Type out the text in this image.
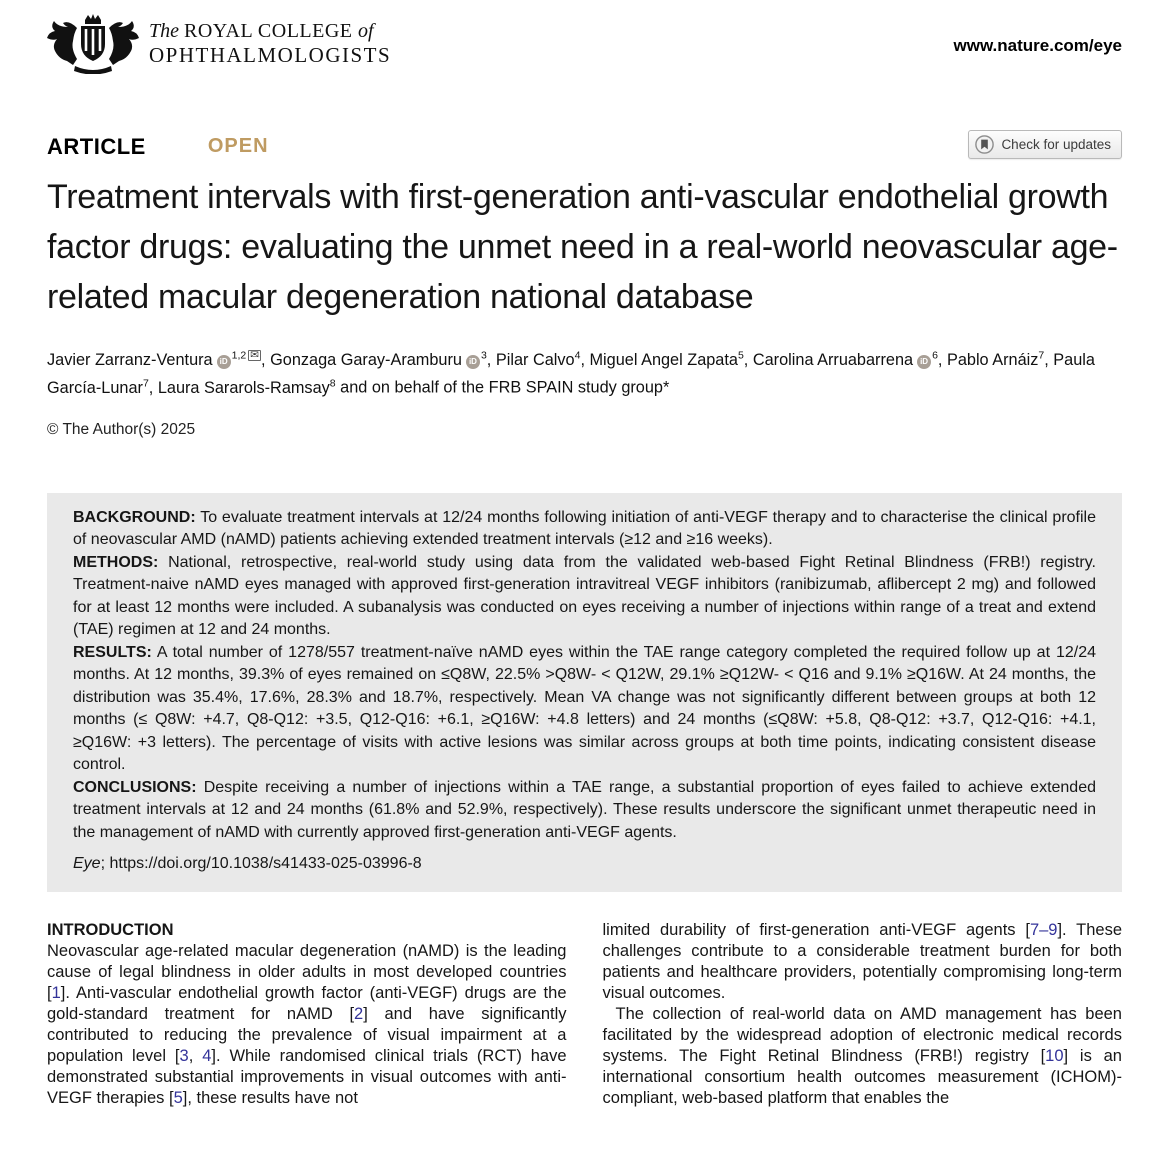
The ROYAL COLLEGE of
OPHTHALMOLOGISTS	www.nature.com/eye
ARTICLE	OPEN	Check for updates
Treatment intervals with first-generation anti-vascular endothelial growth factor drugs: evaluating the unmet need in a real-world neovascular age-related macular degeneration national database
Javier Zarranz-Ventura iD $^{1,2}$ ✉ , Gonzaga Garay-Aramburu iD $^3$, Pilar Calvo$^4$, Miguel Angel Zapata$^5$, Carolina Arruabarrena iD $^6$, Pablo Arnáiz$^7$, Paula García-Lunar$^7$, Laura Sararols-Ramsay$^8$ and on behalf of the FRB SPAIN study group*
© The Author(s) 2025

BACKGROUND: To evaluate treatment intervals at 12/24 months following initiation of anti-VEGF therapy and to characterise the clinical profile of neovascular AMD (nAMD) patients achieving extended treatment intervals (≥12 and ≥16 weeks).

METHODS: National, retrospective, real-world study using data from the validated web-based Fight Retinal Blindness (FRB!) registry. Treatment-naive nAMD eyes managed with approved first-generation intravitreal VEGF inhibitors (ranibizumab, aflibercept 2 mg) and followed for at least 12 months were included. A subanalysis was conducted on eyes receiving a number of injections within range of a treat and extend (TAE) regimen at 12 and 24 months.

RESULTS: A total number of 1278/557 treatment-naïve nAMD eyes within the TAE range category completed the required follow up at 12/24 months. At 12 months, 39.3% of eyes remained on ≤Q8W, 22.5% >Q8W- < Q12W, 29.1% ≥Q12W- < Q16 and 9.1% ≥Q16W. At 24 months, the distribution was 35.4%, 17.6%, 28.3% and 18.7%, respectively. Mean VA change was not significantly different between groups at both 12 months (≤ Q8W: +4.7, Q8-Q12: +3.5, Q12-Q16: +6.1, ≥Q16W: +4.8 letters) and 24 months (≤Q8W: +5.8, Q8-Q12: +3.7, Q12-Q16: +4.1, ≥Q16W: +3 letters). The percentage of visits with active lesions was similar across groups at both time points, indicating consistent disease control.

CONCLUSIONS: Despite receiving a number of injections within a TAE range, a substantial proportion of eyes failed to achieve extended treatment intervals at 12 and 24 months (61.8% and 52.9%, respectively). These results underscore the significant unmet therapeutic need in the management of nAMD with currently approved first-generation anti-VEGF agents.

Eye; https://doi.org/10.1038/s41433-025-03996-8

INTRODUCTION

Neovascular age-related macular degeneration (nAMD) is the leading cause of legal blindness in older adults in most developed countries [1]. Anti-vascular endothelial growth factor (anti-VEGF) drugs are the gold-standard treatment for nAMD [2] and have significantly contributed to reducing the prevalence of visual impairment at a population level [3, 4]. While randomised clinical trials (RCT) have demonstrated substantial improvements in visual outcomes with anti-VEGF therapies [5], these results have not

limited durability of first-generation anti-VEGF agents [7–9]. These challenges contribute to a considerable treatment burden for both patients and healthcare providers, potentially compromising long-term visual outcomes.

The collection of real-world data on AMD management has been facilitated by the widespread adoption of electronic medical records systems. The Fight Retinal Blindness (FRB!) registry [10] is an international consortium health outcomes measurement (ICHOM)-compliant, web-based platform that enables the
